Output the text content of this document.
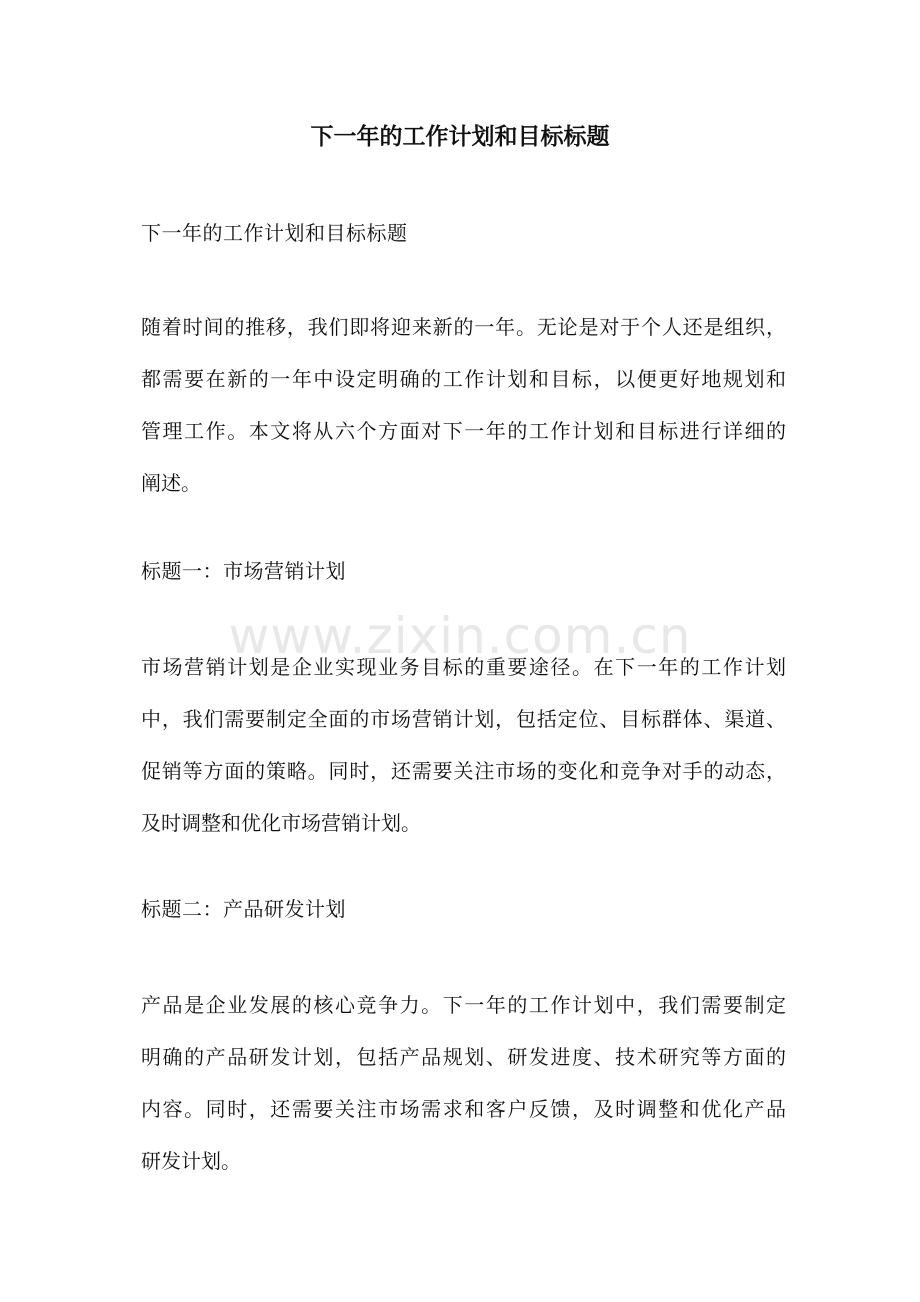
下一年的工作计划和目标标题

下一年的工作计划和目标标题

随着时间的推移，我们即将迎来新的一年。无论是对于个人还是组织，
都需要在新的一年中设定明确的工作计划和目标，以便更好地规划和
管理工作。本文将从六个方面对下一年的工作计划和目标进行详细的
阐述。

标题一：市场营销计划

www.zixin.com.cn
市场营销计划是企业实现业务目标的重要途径。在下一年的工作计划
中，我们需要制定全面的市场营销计划，包括定位、目标群体、渠道、
促销等方面的策略。同时，还需要关注市场的变化和竞争对手的动态，
及时调整和优化市场营销计划。

标题二：产品研发计划

产品是企业发展的核心竞争力。下一年的工作计划中，我们需要制定
明确的产品研发计划，包括产品规划、研发进度、技术研究等方面的
内容。同时，还需要关注市场需求和客户反馈，及时调整和优化产品
研发计划。
